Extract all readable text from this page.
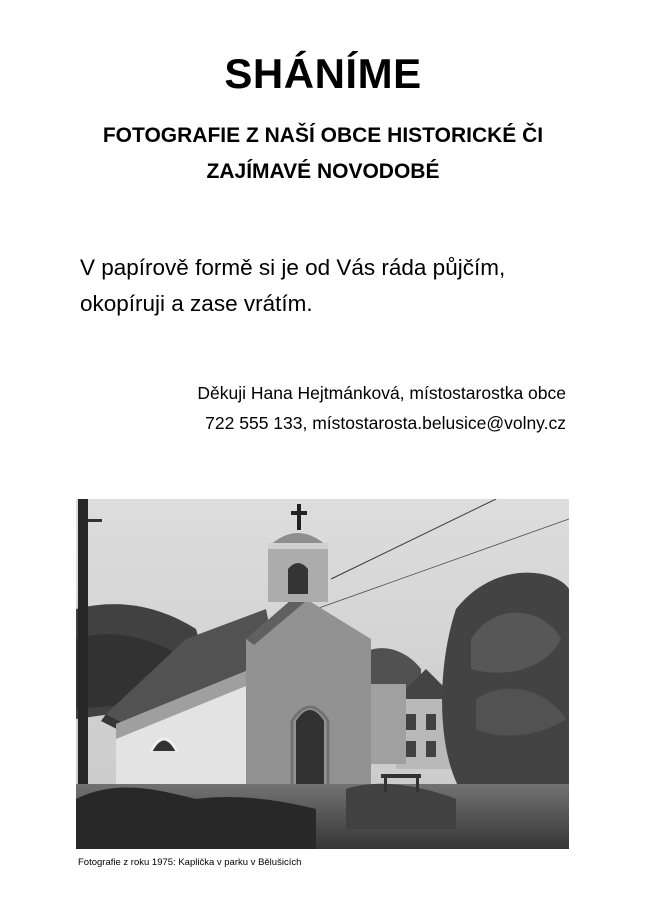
SHÁNÍME
FOTOGRAFIE Z NAŠÍ OBCE HISTORICKÉ ČI
ZAJÍMAVÉ NOVODOBÉ
V papírově formě si je od Vás ráda půjčím,
okopíruji a zase vrátím.
Děkuji Hana Hejtmánková, místostarostka obce
722 555 133, místostarosta.belusice@volny.cz
Fotografie z roku 1975: Kaplička v parku v Bělušicích
